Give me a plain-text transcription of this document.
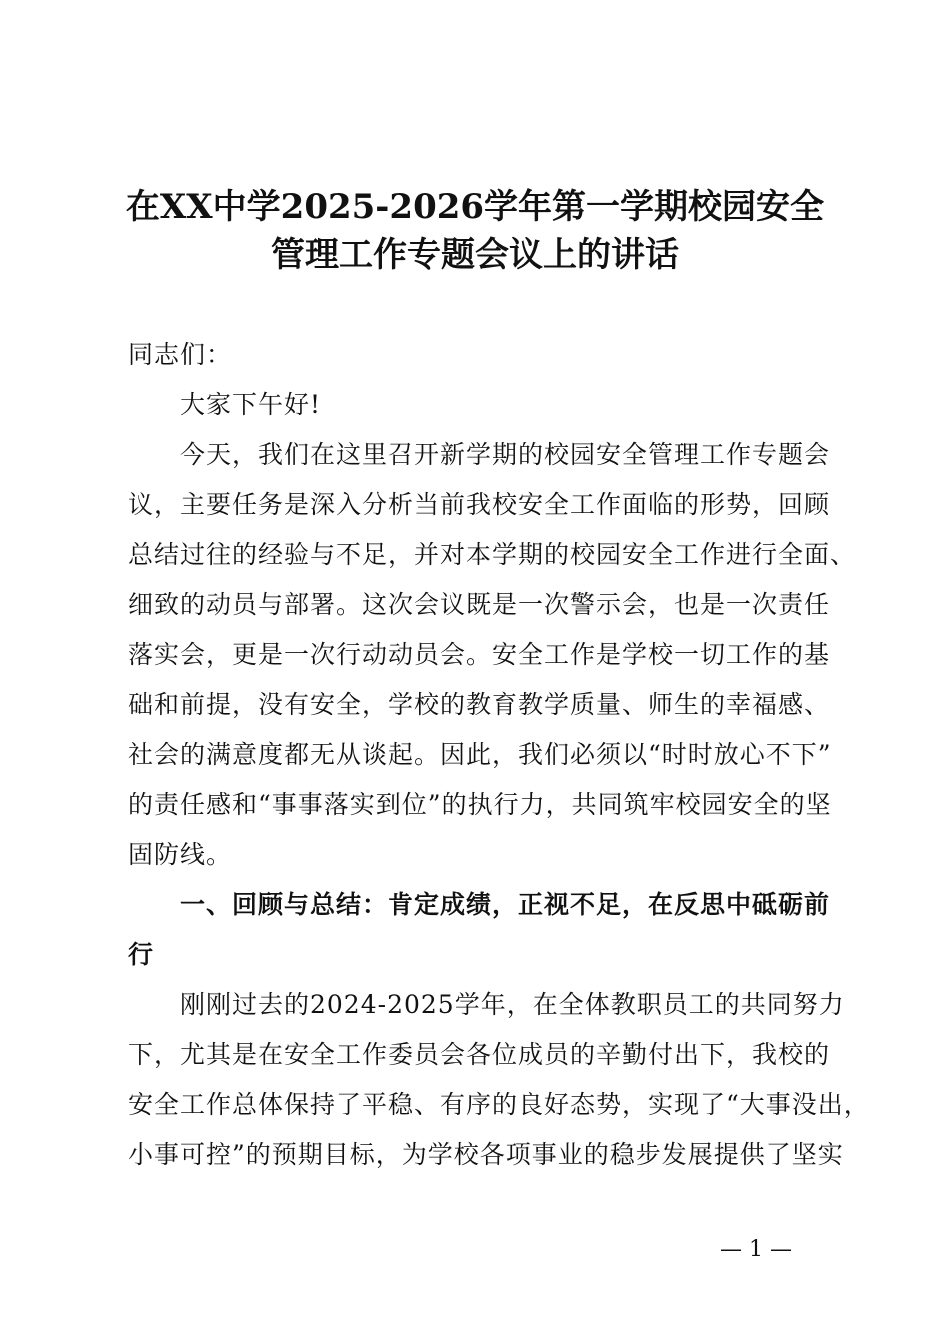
在XX中学2025-2026学年第一学期校园安全
管理工作专题会议上的讲话
同志们：
大家下午好!
今天，我们在这里召开新学期的校园安全管理工作专题会
议，主要任务是深入分析当前我校安全工作面临的形势，回顾
总结过往的经验与不足，并对本学期的校园安全工作进行全面、
细致的动员与部署。这次会议既是一次警示会，也是一次责任
落实会，更是一次行动动员会。安全工作是学校一切工作的基
础和前提，没有安全，学校的教育教学质量、师生的幸福感、
社会的满意度都无从谈起。因此，我们必须以“时时放心不下”
的责任感和“事事落实到位”的执行力，共同筑牢校园安全的坚
固防线。
一、回顾与总结：肯定成绩，正视不足，在反思中砥砺前
行
刚刚过去的2024-2025学年，在全体教职员工的共同努力
下，尤其是在安全工作委员会各位成员的辛勤付出下，我校的
安全工作总体保持了平稳、有序的良好态势，实现了“大事没出，
小事可控”的预期目标，为学校各项事业的稳步发展提供了坚实
— 1 —
